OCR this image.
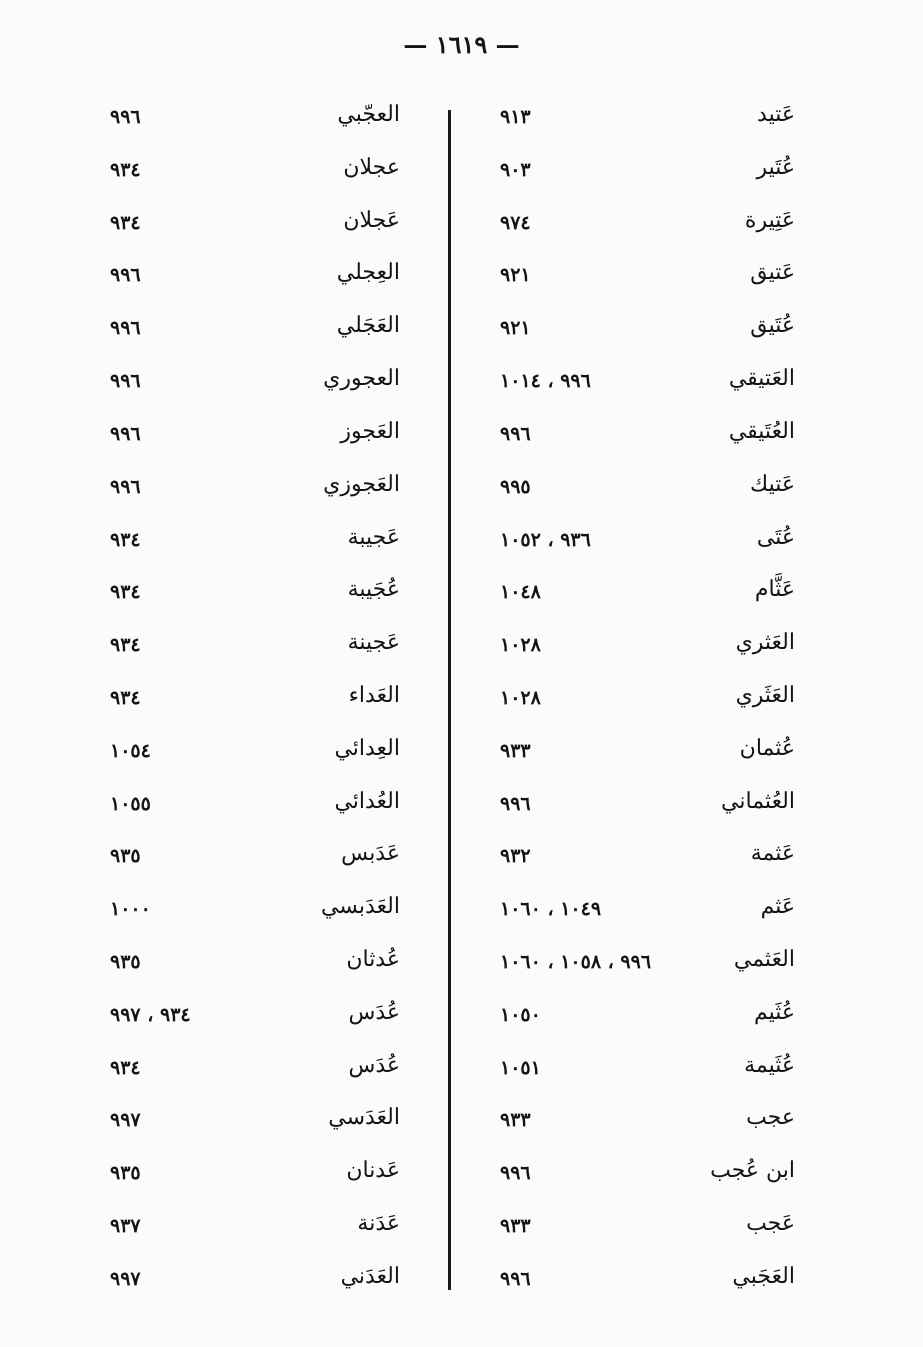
— ١٦١٩ —
عَتيد
٩١٣
عُتَير
٩٠٣
عَتِيرة
٩٧٤
عَتيق
٩٢١
عُتَيق
٩٢١
العَتيقي
٩٩٦ ، ١٠١٤
العُتَيقي
٩٩٦
عَتيك
٩٩٥
عُتَى
٩٣٦ ، ١٠٥٢
عَثَّام
١٠٤٨
العَثري
١٠٢٨
العَثَري
١٠٢٨
عُثمان
٩٣٣
العُثماني
٩٩٦
عَثمة
٩٣٢
عَثم
١٠٤٩ ، ١٠٦٠
العَثمي
٩٩٦ ، ١٠٥٨ ، ١٠٦٠
عُثَيم
١٠٥٠
عُثَيمة
١٠٥١
عجب
٩٣٣
ابن عُجب
٩٩٦
عَجب
٩٣٣
العَجَبي
٩٩٦
العجّبي
٩٩٦
عجلان
٩٣٤
عَجلان
٩٣٤
العِجلي
٩٩٦
العَجَلي
٩٩٦
العجوري
٩٩٦
العَجوز
٩٩٦
العَجوزي
٩٩٦
عَجيبة
٩٣٤
عُجَيبة
٩٣٤
عَجينة
٩٣٤
العَداء
٩٣٤
العِدائي
١٠٥٤
العُدائي
١٠٥٥
عَدَبس
٩٣٥
العَدَبسي
١٠٠٠
عُدثان
٩٣٥
عُدَس
٩٣٤ ، ٩٩٧
عُدَس
٩٣٤
العَدَسي
٩٩٧
عَدنان
٩٣٥
عَدَنة
٩٣٧
العَدَني
٩٩٧
